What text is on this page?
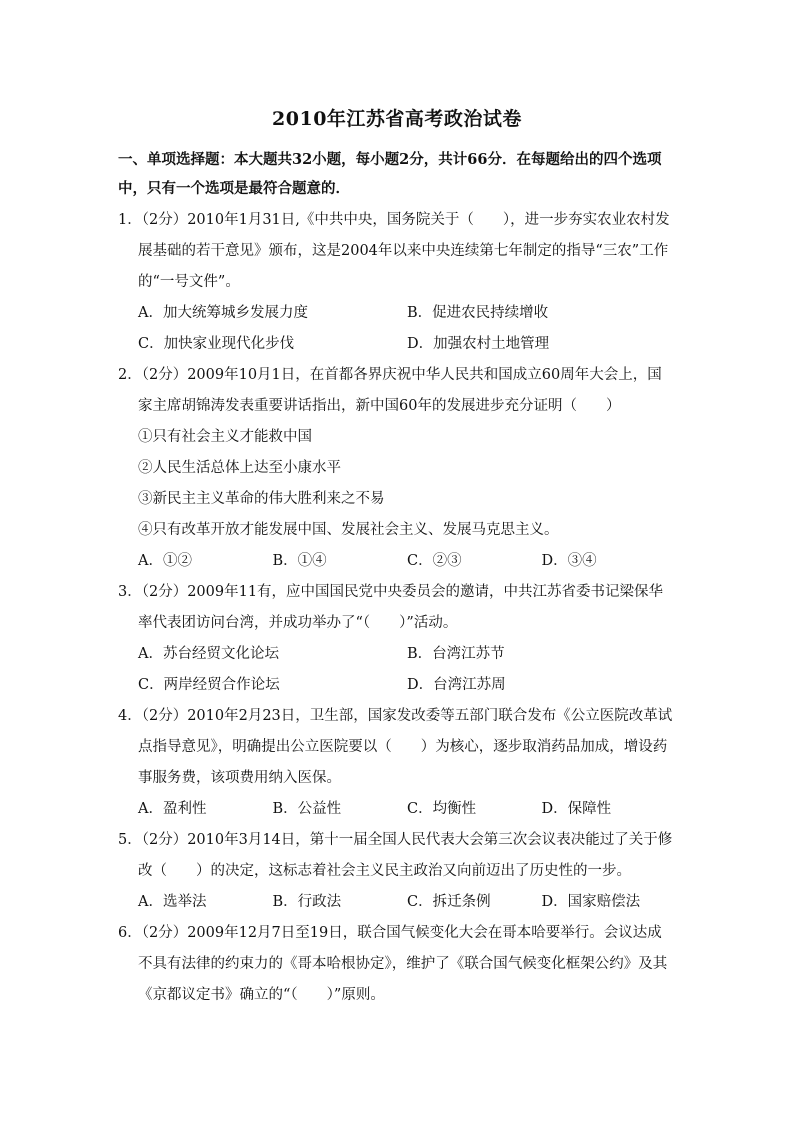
2010年江苏省高考政治试卷
一、单项选择题：本大题共32小题，每小题2分，共计66分．在每题给出的四个选项中，只有一个选项是最符合题意的．
1．（2分）2010年1月31日,《中共中央，国务院关于（　　），进一步夯实农业农村发展基础的若干意见》颁布，这是2004年以来中央连续第七年制定的指导“三农”工作的“一号文件”。
A．加大统筹城乡发展力度	B．促进农民持续增收
C．加快家业现代化步伐	D．加强农村土地管理
2．（2分）2009年10月1日，在首都各界庆祝中华人民共和国成立60周年大会上，国家主席胡锦涛发表重要讲话指出，新中国60年的发展进步充分证明（　　）
①只有社会主义才能救中国
②人民生活总体上达至小康水平
③新民主主义革命的伟大胜利来之不易
④只有改革开放才能发展中国、发展社会主义、发展马克思主义。
A．①②	B．①④	C．②③	D．③④
3．（2分）2009年11有，应中国国民党中央委员会的邀请，中共江苏省委书记梁保华率代表团访问台湾，并成功举办了“（　　）”活动。
A．苏台经贸文化论坛	B．台湾江苏节
C．两岸经贸合作论坛	D．台湾江苏周
4．（2分）2010年2月23日，卫生部，国家发改委等五部门联合发布《公立医院改革试点指导意见》，明确提出公立医院要以（　　）为核心，逐步取消药品加成，增设药事服务费，该项费用纳入医保。
A．盈利性	B．公益性	C．均衡性	D．保障性
5．（2分）2010年3月14日，第十一届全国人民代表大会第三次会议表决能过了关于修改（　　）的决定，这标志着社会主义民主政治又向前迈出了历史性的一步。
A．选举法	B．行政法	C．拆迁条例	D．国家赔偿法
6．（2分）2009年12月7日至19日，联合国气候变化大会在哥本哈要举行。会议达成不具有法律的约束力的《哥本哈根协定》，维护了《联合国气候变化框架公约》及其《京都议定书》确立的“（　　）”原则。
